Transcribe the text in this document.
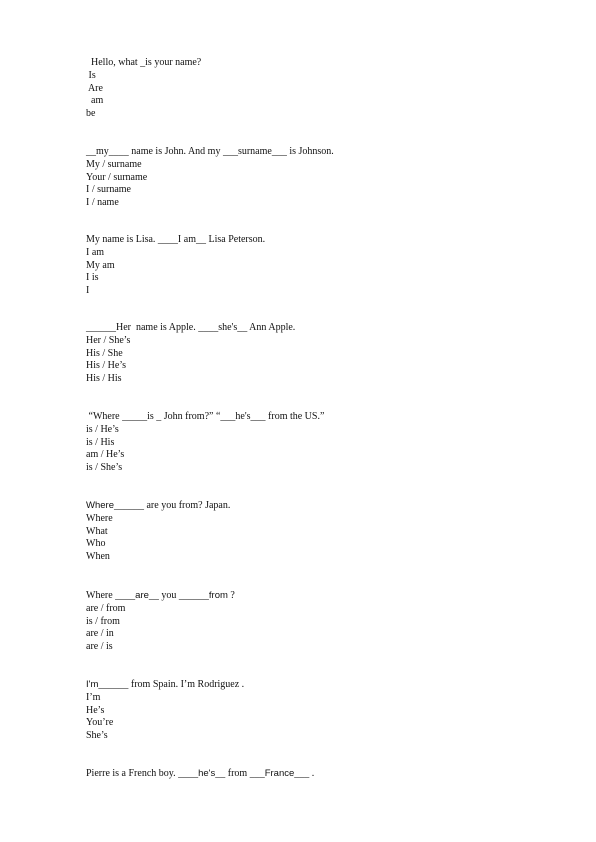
Hello, what _is your name?
Is
Are
am
be
__my____ name is John. And my ___surname___ is Johnson.
My / surname
Your / surname
I / surname
I / name
My name is Lisa. ____I am__ Lisa Peterson.
I am
My am
I is
I
______Her  name is Apple. ____she's__ Ann Apple.
Her / She’s
His / She
His / He’s
His / His
“Where _____is _ John from?” “___he's___ from the US.”
is / He’s
is / His
am / He’s
is / She’s
Where______ are you from? Japan.
Where
What
Who
When
Where ____are__ you ______from ?
are / from
is / from
are / in
are / is
I'm______ from Spain. I’m Rodriguez .
I’m
He’s
You’re
She’s
Pierre is a French boy. ____he's__ from ___France___ .
